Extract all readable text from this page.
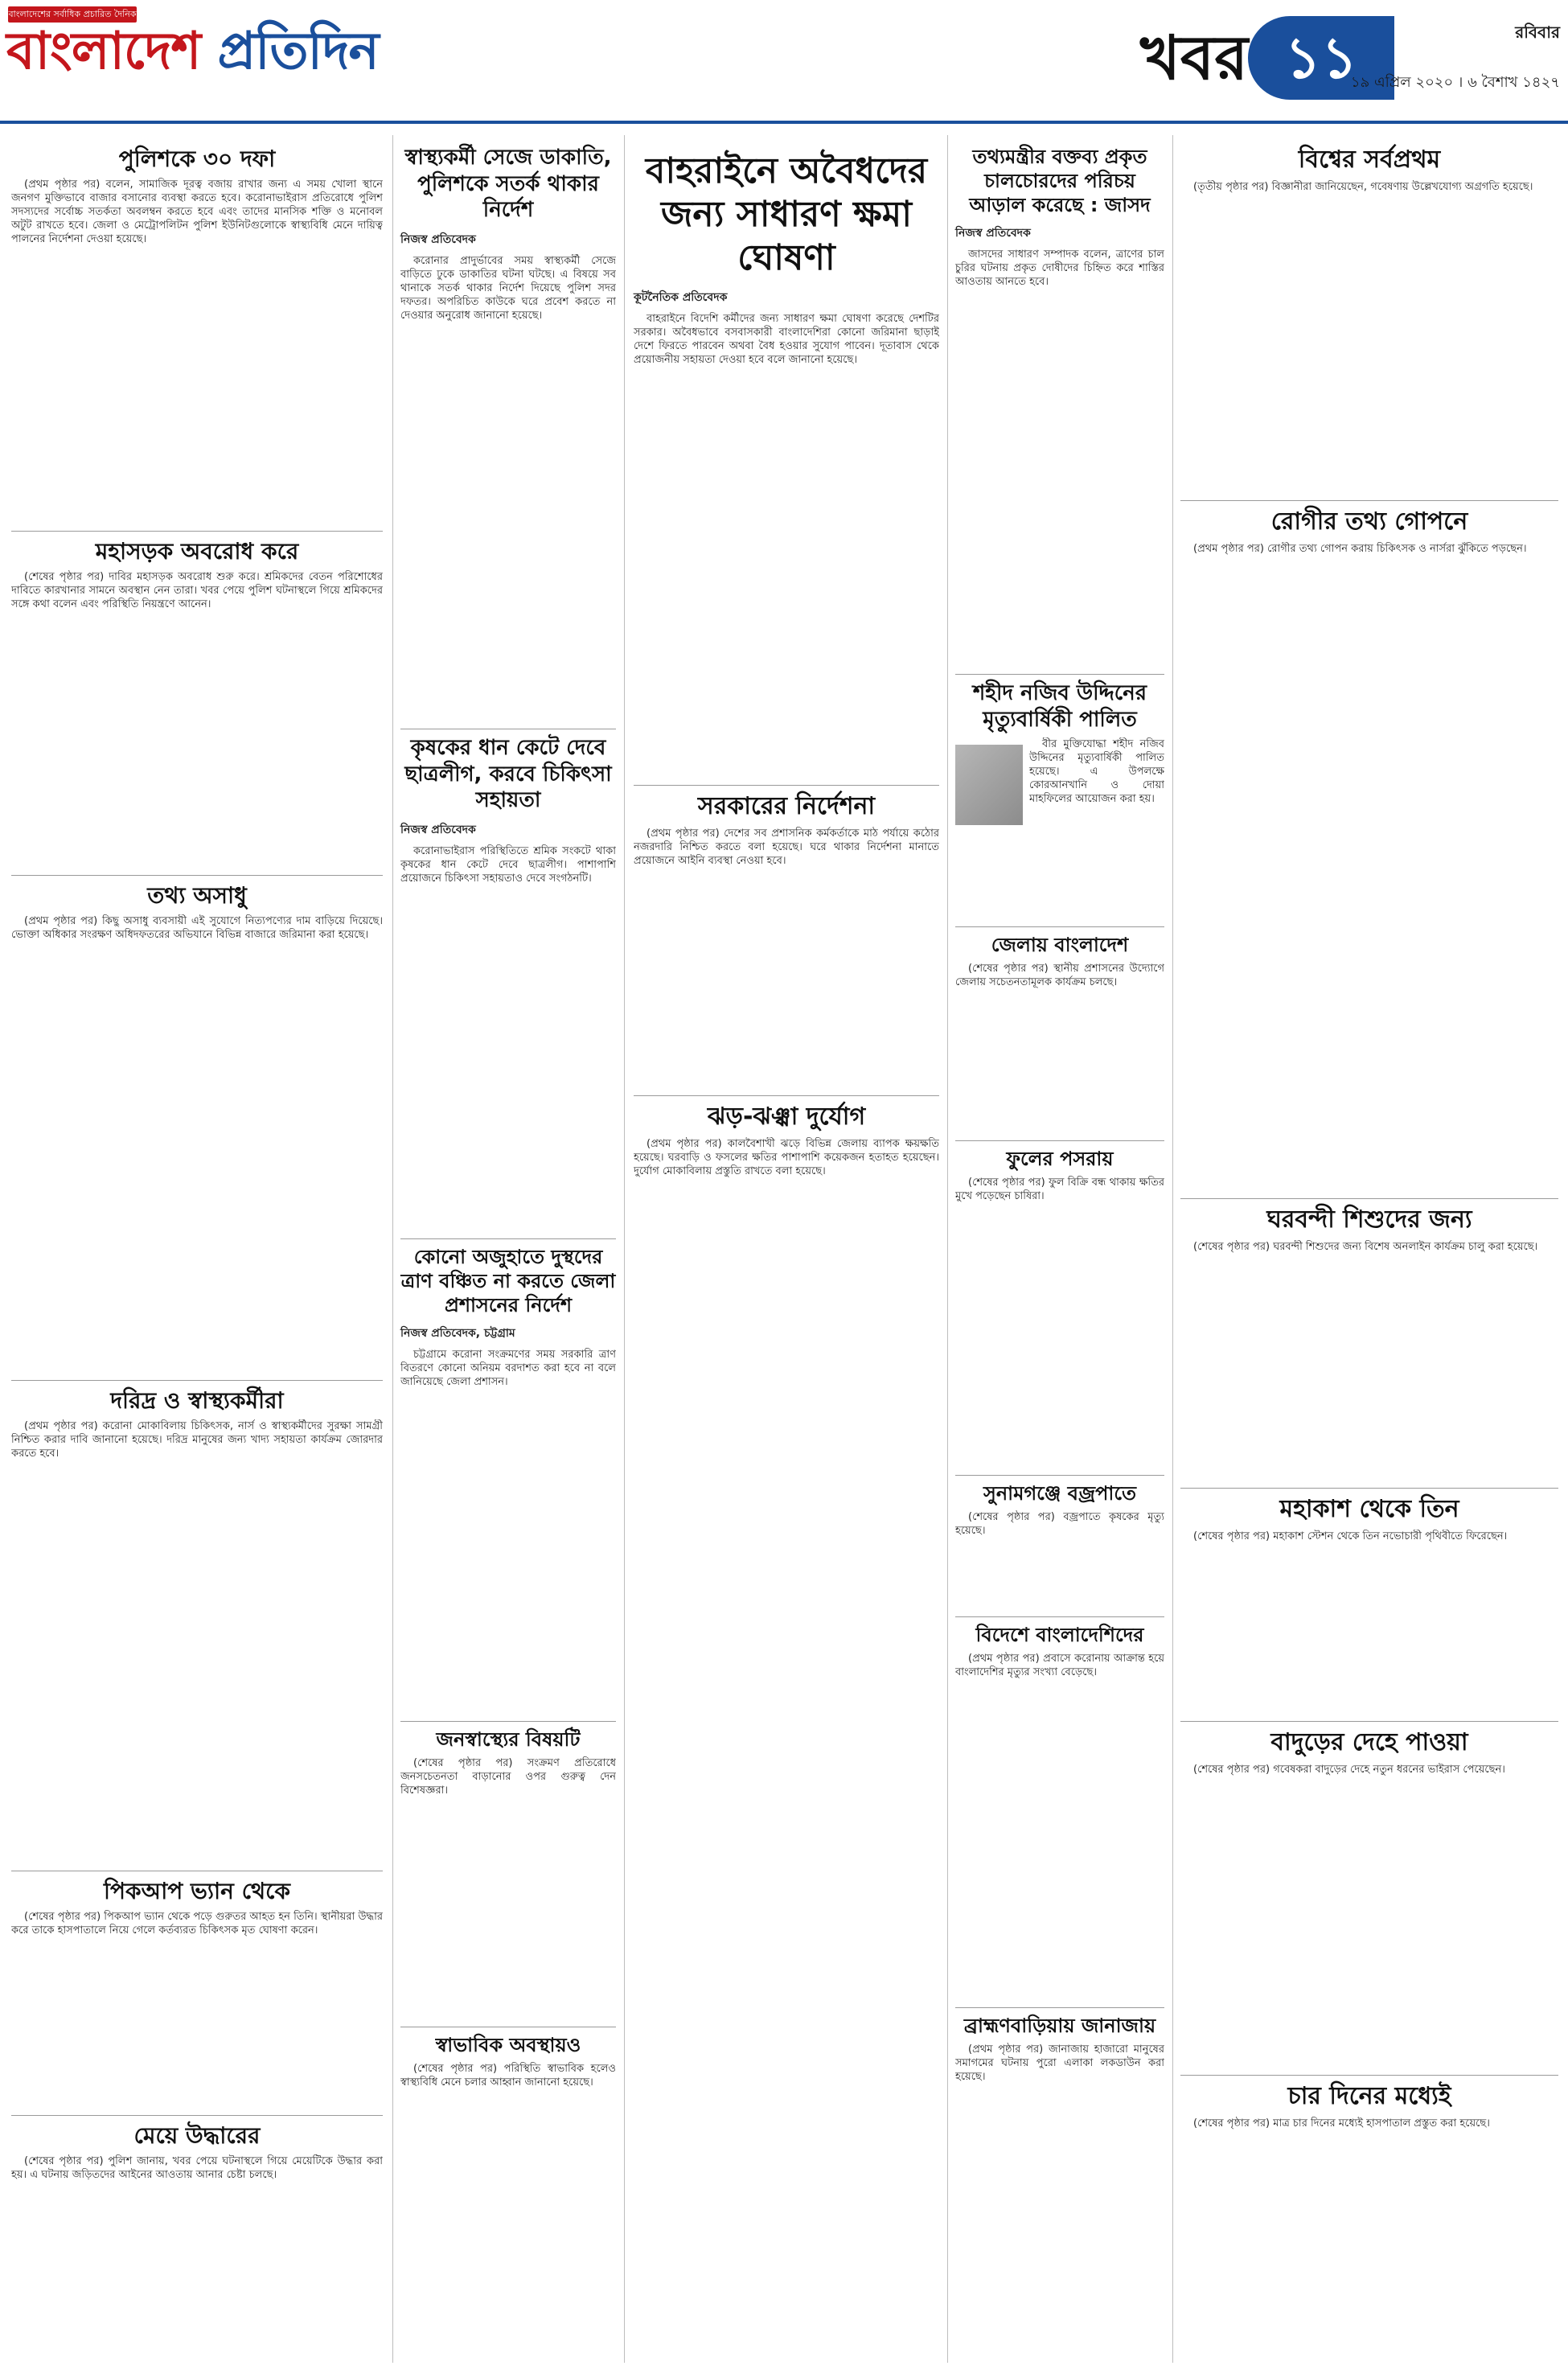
বাংলাদেশের সর্বাধিক প্রচারিত দৈনিক
বাংলাদেশ প্রতিদিন	খবর ১১	রবিবার
১৯ এপ্রিল ২০২০ । ৬ বৈশাখ ১৪২৭
পুলিশকে ৩০ দফা

(প্রথম পৃষ্ঠার পর) বলেন, সামাজিক দূরত্ব বজায় রাখার জন্য এ সময় খোলা স্থানে জনগণ মুক্তিভাবে বাজার বসানোর ব্যবস্থা করতে হবে। করোনাভাইরাস প্রতিরোধে পুলিশ সদস্যদের সর্বোচ্চ সতর্কতা অবলম্বন করতে হবে এবং তাদের মানসিক শক্তি ও মনোবল অটুট রাখতে হবে। জেলা ও মেট্রোপলিটন পুলিশ ইউনিটগুলোকে স্বাস্থ্যবিধি মেনে দায়িত্ব পালনের নির্দেশনা দেওয়া হয়েছে।

মহাসড়ক অবরোধ করে

(শেষের পৃষ্ঠার পর) দাবির মহাসড়ক অবরোধ শুরু করে। শ্রমিকদের বেতন পরিশোধের দাবিতে কারখানার সামনে অবস্থান নেন তারা। খবর পেয়ে পুলিশ ঘটনাস্থলে গিয়ে শ্রমিকদের সঙ্গে কথা বলেন এবং পরিস্থিতি নিয়ন্ত্রণে আনেন।

তথ্য অসাধু

(প্রথম পৃষ্ঠার পর) কিছু অসাধু ব্যবসায়ী এই সুযোগে নিত্যপণ্যের দাম বাড়িয়ে দিয়েছে। ভোক্তা অধিকার সংরক্ষণ অধিদফতরের অভিযানে বিভিন্ন বাজারে জরিমানা করা হয়েছে।

দরিদ্র ও স্বাস্থ্যকর্মীরা

(প্রথম পৃষ্ঠার পর) করোনা মোকাবিলায় চিকিৎসক, নার্স ও স্বাস্থ্যকর্মীদের সুরক্ষা সামগ্রী নিশ্চিত করার দাবি জানানো হয়েছে। দরিদ্র মানুষের জন্য খাদ্য সহায়তা কার্যক্রম জোরদার করতে হবে।

পিকআপ ভ্যান থেকে

(শেষের পৃষ্ঠার পর) পিকআপ ভ্যান থেকে পড়ে গুরুতর আহত হন তিনি। স্থানীয়রা উদ্ধার করে তাকে হাসপাতালে নিয়ে গেলে কর্তব্যরত চিকিৎসক মৃত ঘোষণা করেন।

মেয়ে উদ্ধারের

(শেষের পৃষ্ঠার পর) পুলিশ জানায়, খবর পেয়ে ঘটনাস্থলে গিয়ে মেয়েটিকে উদ্ধার করা হয়। এ ঘটনায় জড়িতদের আইনের আওতায় আনার চেষ্টা চলছে।

স্বাস্থ্যকর্মী সেজে ডাকাতি, পুলিশকে সতর্ক থাকার নির্দেশ
নিজস্ব প্রতিবেদক

করোনার প্রাদুর্ভাবের সময় স্বাস্থ্যকর্মী সেজে বাড়িতে ঢুকে ডাকাতির ঘটনা ঘটছে। এ বিষয়ে সব থানাকে সতর্ক থাকার নির্দেশ দিয়েছে পুলিশ সদর দফতর। অপরিচিত কাউকে ঘরে প্রবেশ করতে না দেওয়ার অনুরোধ জানানো হয়েছে।

কৃষকের ধান কেটে দেবে ছাত্রলীগ, করবে চিকিৎসা সহায়তা
নিজস্ব প্রতিবেদক

করোনাভাইরাস পরিস্থিতিতে শ্রমিক সংকটে থাকা কৃষকের ধান কেটে দেবে ছাত্রলীগ। পাশাপাশি প্রয়োজনে চিকিৎসা সহায়তাও দেবে সংগঠনটি।

কোনো অজুহাতে দুস্থদের ত্রাণ বঞ্চিত না করতে জেলা প্রশাসনের নির্দেশ
নিজস্ব প্রতিবেদক, চট্টগ্রাম

চট্টগ্রামে করোনা সংক্রমণের সময় সরকারি ত্রাণ বিতরণে কোনো অনিয়ম বরদাশত করা হবে না বলে জানিয়েছে জেলা প্রশাসন।

জনস্বাস্থ্যের বিষয়টি

(শেষের পৃষ্ঠার পর) সংক্রমণ প্রতিরোধে জনসচেতনতা বাড়ানোর ওপর গুরুত্ব দেন বিশেষজ্ঞরা।

স্বাভাবিক অবস্থায়ও

(শেষের পৃষ্ঠার পর) পরিস্থিতি স্বাভাবিক হলেও স্বাস্থ্যবিধি মেনে চলার আহ্বান জানানো হয়েছে।

বাহরাইনে অবৈধদের জন্য সাধারণ ক্ষমা ঘোষণা
কূটনৈতিক প্রতিবেদক

বাহরাইনে বিদেশি কর্মীদের জন্য সাধারণ ক্ষমা ঘোষণা করেছে দেশটির সরকার। অবৈধভাবে বসবাসকারী বাংলাদেশিরা কোনো জরিমানা ছাড়াই দেশে ফিরতে পারবেন অথবা বৈধ হওয়ার সুযোগ পাবেন। দূতাবাস থেকে প্রয়োজনীয় সহায়তা দেওয়া হবে বলে জানানো হয়েছে।

সরকারের নির্দেশনা

(প্রথম পৃষ্ঠার পর) দেশের সব প্রশাসনিক কর্মকর্তাকে মাঠ পর্যায়ে কঠোর নজরদারি নিশ্চিত করতে বলা হয়েছে। ঘরে থাকার নির্দেশনা মানাতে প্রয়োজনে আইনি ব্যবস্থা নেওয়া হবে।

ঝড়-ঝঞ্ঝা দুর্যোগ

(প্রথম পৃষ্ঠার পর) কালবৈশাখী ঝড়ে বিভিন্ন জেলায় ব্যাপক ক্ষয়ক্ষতি হয়েছে। ঘরবাড়ি ও ফসলের ক্ষতির পাশাপাশি কয়েকজন হতাহত হয়েছেন। দুর্যোগ মোকাবিলায় প্রস্তুতি রাখতে বলা হয়েছে।

তথ্যমন্ত্রীর বক্তব্য প্রকৃত চালচোরদের পরিচয় আড়াল করেছে : জাসদ
নিজস্ব প্রতিবেদক

জাসদের সাধারণ সম্পাদক বলেন, ত্রাণের চাল চুরির ঘটনায় প্রকৃত দোষীদের চিহ্নিত করে শাস্তির আওতায় আনতে হবে।

শহীদ নজিব উদ্দিনের মৃত্যুবার্ষিকী পালিত

বীর মুক্তিযোদ্ধা শহীদ নজিব উদ্দিনের মৃত্যুবার্ষিকী পালিত হয়েছে। এ উপলক্ষে কোরআনখানি ও দোয়া মাহফিলের আয়োজন করা হয়।

জেলায় বাংলাদেশ

(শেষের পৃষ্ঠার পর) স্থানীয় প্রশাসনের উদ্যোগে জেলায় সচেতনতামূলক কার্যক্রম চলছে।

ফুলের পসরায়

(শেষের পৃষ্ঠার পর) ফুল বিক্রি বন্ধ থাকায় ক্ষতির মুখে পড়েছেন চাষিরা।

সুনামগঞ্জে বজ্রপাতে

(শেষের পৃষ্ঠার পর) বজ্রপাতে কৃষকের মৃত্যু হয়েছে।

বিদেশে বাংলাদেশিদের

(প্রথম পৃষ্ঠার পর) প্রবাসে করোনায় আক্রান্ত হয়ে বাংলাদেশির মৃত্যুর সংখ্যা বেড়েছে।

ব্রাহ্মণবাড়িয়ায় জানাজায়

(প্রথম পৃষ্ঠার পর) জানাজায় হাজারো মানুষের সমাগমের ঘটনায় পুরো এলাকা লকডাউন করা হয়েছে।

বিশ্বের সর্বপ্রথম

(তৃতীয় পৃষ্ঠার পর) বিজ্ঞানীরা জানিয়েছেন, গবেষণায় উল্লেখযোগ্য অগ্রগতি হয়েছে।

রোগীর তথ্য গোপনে

(প্রথম পৃষ্ঠার পর) রোগীর তথ্য গোপন করায় চিকিৎসক ও নার্সরা ঝুঁকিতে পড়ছেন।

ঘরবন্দী শিশুদের জন্য

(শেষের পৃষ্ঠার পর) ঘরবন্দী শিশুদের জন্য বিশেষ অনলাইন কার্যক্রম চালু করা হয়েছে।

মহাকাশ থেকে তিন

(শেষের পৃষ্ঠার পর) মহাকাশ স্টেশন থেকে তিন নভোচারী পৃথিবীতে ফিরেছেন।

বাদুড়ের দেহে পাওয়া

(শেষের পৃষ্ঠার পর) গবেষকরা বাদুড়ের দেহে নতুন ধরনের ভাইরাস পেয়েছেন।

চার দিনের মধ্যেই

(শেষের পৃষ্ঠার পর) মাত্র চার দিনের মধ্যেই হাসপাতাল প্রস্তুত করা হয়েছে।
